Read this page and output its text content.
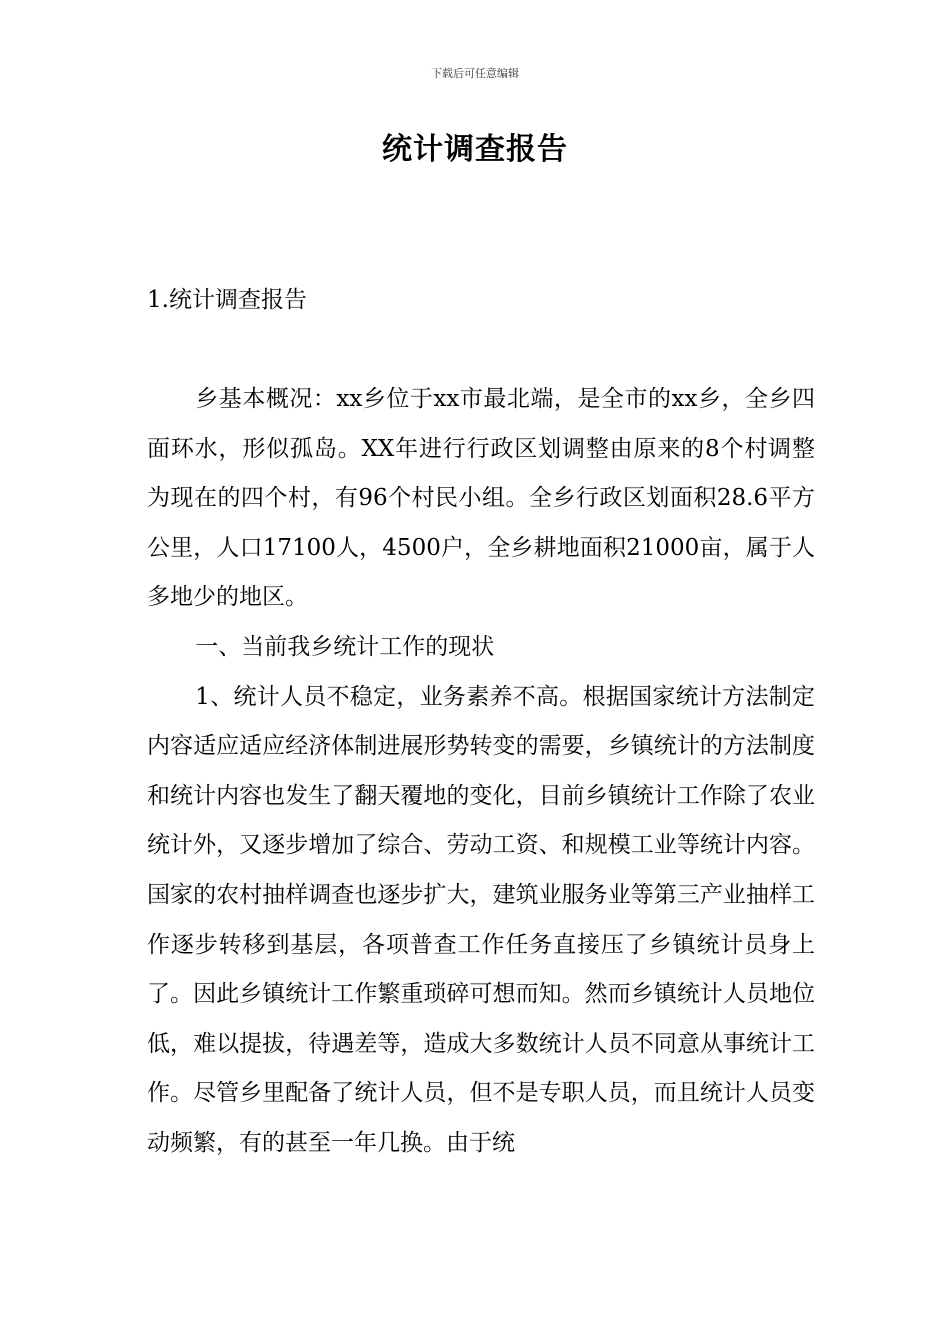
下载后可任意编辑
统计调查报告
1.统计调查报告

乡基本概况：xx乡位于xx市最北端，是全市的xx乡，全乡四面环水，形似孤岛。XX年进行行政区划调整由原来的8个村调整为现在的四个村，有96个村民小组。全乡行政区划面积28.6平方公里，人口17100人，4500户，全乡耕地面积21000亩，属于人多地少的地区。

一、当前我乡统计工作的现状

1、统计人员不稳定，业务素养不高。根据国家统计方法制定内容适应适应经济体制进展形势转变的需要，乡镇统计的方法制度和统计内容也发生了翻天覆地的变化，目前乡镇统计工作除了农业统计外，又逐步增加了综合、劳动工资、和规模工业等统计内容。国家的农村抽样调查也逐步扩大，建筑业服务业等第三产业抽样工作逐步转移到基层，各项普查工作任务直接压了乡镇统计员身上了。因此乡镇统计工作繁重琐碎可想而知。然而乡镇统计人员地位低，难以提拔，待遇差等，造成大多数统计人员不同意从事统计工作。尽管乡里配备了统计人员，但不是专职人员，而且统计人员变动频繁，有的甚至一年几换。由于统
